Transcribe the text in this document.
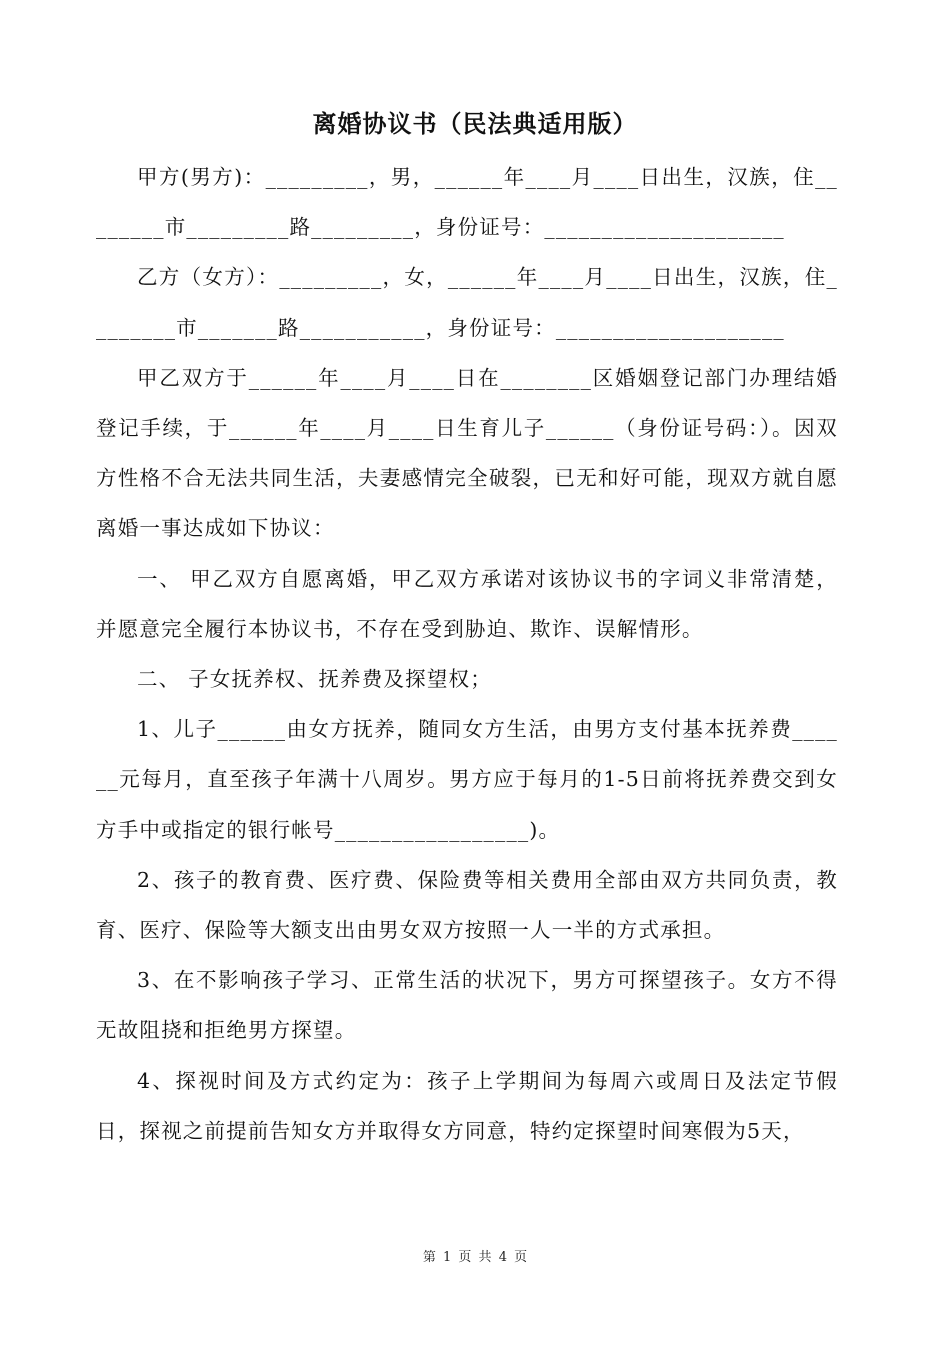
离婚协议书（民法典适用版）

甲方(男方)：_________，男，______年____月____日出生，汉族，住________市_________路_________，身份证号：_____________________

乙方（女方）：_________，女，______年____月____日出生，汉族，住________市_______路___________，身份证号：____________________

甲乙双方于______年____月____日在________区婚姻登记部门办理结婚登记手续，于______年____月____日生育儿子______（身份证号码：）。因双方性格不合无法共同生活，夫妻感情完全破裂，已无和好可能，现双方就自愿离婚一事达成如下协议：

一、 甲乙双方自愿离婚，甲乙双方承诺对该协议书的字词义非常清楚，并愿意完全履行本协议书，不存在受到胁迫、欺诈、误解情形。

二、 子女抚养权、抚养费及探望权；

1、儿子______由女方抚养，随同女方生活，由男方支付基本抚养费______元每月，直至孩子年满十八周岁。男方应于每月的1-5日前将抚养费交到女方手中或指定的银行帐号_________________)。

2、孩子的教育费、医疗费、保险费等相关费用全部由双方共同负责，教育、医疗、保险等大额支出由男女双方按照一人一半的方式承担。

3、在不影响孩子学习、正常生活的状况下，男方可探望孩子。女方不得无故阻挠和拒绝男方探望。

4、探视时间及方式约定为：孩子上学期间为每周六或周日及法定节假日，探视之前提前告知女方并取得女方同意，特约定探望时间寒假为5天，

第 1 页 共 4 页
